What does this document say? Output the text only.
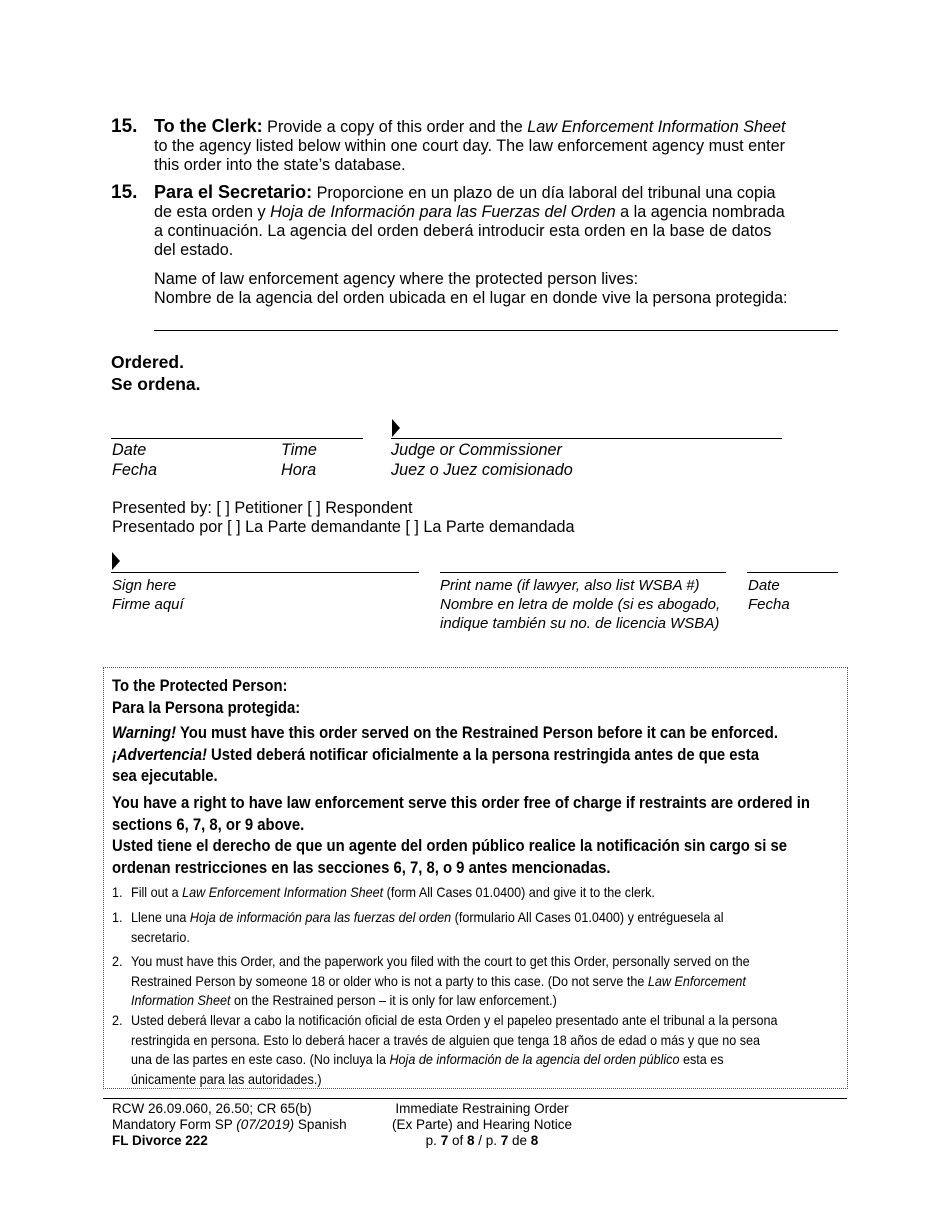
15. To the Clerk: Provide a copy of this order and the Law Enforcement Information Sheet
to the agency listed below within one court day. The law enforcement agency must enter
this order into the state’s database.
15. Para el Secretario: Proporcione en un plazo de un día laboral del tribunal una copia
de esta orden y Hoja de Información para las Fuerzas del Orden a la agencia nombrada
a continuación. La agencia del orden deberá introducir esta orden en la base de datos
del estado.
Name of law enforcement agency where the protected person lives:
Nombre de la agencia del orden ubicada en el lugar en donde vive la persona protegida:
Ordered.
Se ordena.
Date
Fecha
Time
Hora
Judge or Commissioner
Juez o Juez comisionado
Presented by: [ ] Petitioner [ ] Respondent
Presentado por [ ] La Parte demandante [ ] La Parte demandada
Sign here
Firme aquí
Print name (if lawyer, also list WSBA #)
Nombre en letra de molde (si es abogado,
indique también su no. de licencia WSBA)
Date
Fecha
To the Protected Person:
Para la Persona protegida:
Warning! You must have this order served on the Restrained Person before it can be enforced.
¡Advertencia! Usted deberá notificar oficialmente a la persona restringida antes de que esta
sea ejecutable.
You have a right to have law enforcement serve this order free of charge if restraints are ordered in
sections 6, 7, 8, or 9 above.
Usted tiene el derecho de que un agente del orden público realice la notificación sin cargo si se
ordenan restricciones en las secciones 6, 7, 8, o 9 antes mencionadas.
1. Fill out a Law Enforcement Information Sheet (form All Cases 01.0400) and give it to the clerk.
1. Llene una Hoja de información para las fuerzas del orden (formulario All Cases 01.0400) y entréguesela al
secretario.
2. You must have this Order, and the paperwork you filed with the court to get this Order, personally served on the
Restrained Person by someone 18 or older who is not a party to this case. (Do not serve the Law Enforcement
Information Sheet on the Restrained person – it is only for law enforcement.)
2. Usted deberá llevar a cabo la notificación oficial de esta Orden y el papeleo presentado ante el tribunal a la persona
restringida en persona. Esto lo deberá hacer a través de alguien que tenga 18 años de edad o más y que no sea
una de las partes en este caso. (No incluya la Hoja de información de la agencia del orden público esta es
únicamente para las autoridades.)
RCW 26.09.060, 26.50; CR 65(b)
Mandatory Form SP (07/2019) Spanish
FL Divorce 222
Immediate Restraining Order
(Ex Parte) and Hearing Notice
p. 7 of 8 / p. 7 de 8
